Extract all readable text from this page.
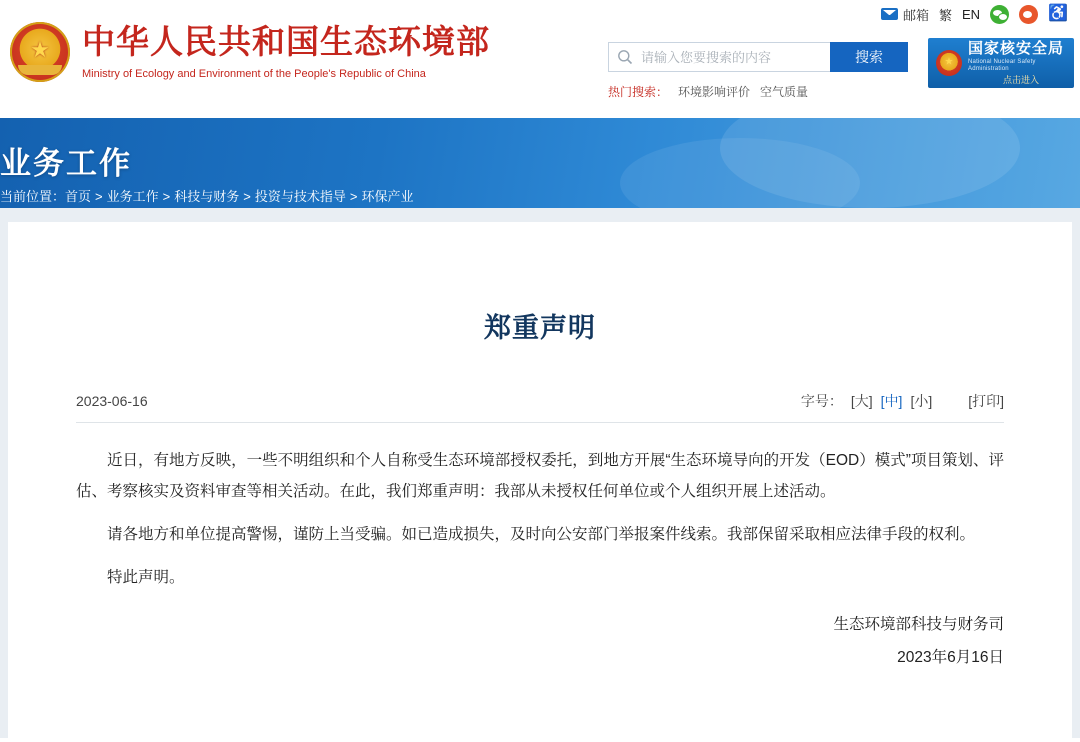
邮箱 繁 EN	♿
★
中华人民共和国生态环境部
Ministry of Ecology and Environment of the People's Republic of China
请输入您要搜索的内容
搜索
热门搜索： 环境影响评价 空气质量
★
国家核安全局
National Nuclear Safety Administration
点击进入
业务工作
当前位置：首页 > 业务工作 > 科技与财务 > 投资与技术指导 > 环保产业
郑重声明
2023-06-16	字号： [大] [中] [小]	[打印]

近日，有地方反映，一些不明组织和个人自称受生态环境部授权委托，到地方开展“生态环境导向的开发（EOD）模式”项目策划、评估、考察核实及资料审查等相关活动。在此，我们郑重声明：我部从未授权任何单位或个人组织开展上述活动。

请各地方和单位提高警惕，谨防上当受骗。如已造成损失，及时向公安部门举报案件线索。我部保留采取相应法律手段的权利。

特此声明。

生态环境部科技与财务司
2023年6月16日
